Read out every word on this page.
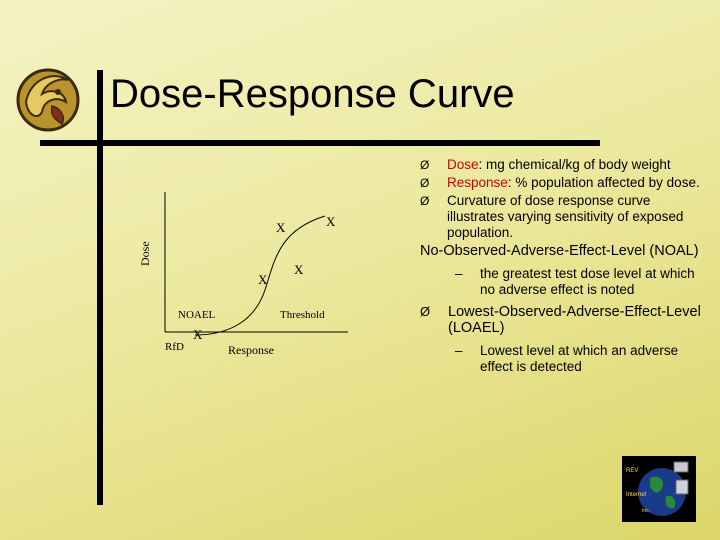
Dose-Response Curve
Dose
X	X
X
X
X
NOAEL	Threshold
RfD	Response
Ø Dose: mg chemical/kg of body weight
Ø Response: % population affected by dose.
Ø Curvature of dose response curve illustrates varying sensitivity of exposed population.
No-Observed-Adverse-Effect-Level (NOAL)
– the greatest test dose level at which no adverse effect is noted
Ø Lowest-Observed-Adverse-Effect-Level (LOAEL)
– Lowest level at which an adverse effect is detected
REV
Internet
Inc.
